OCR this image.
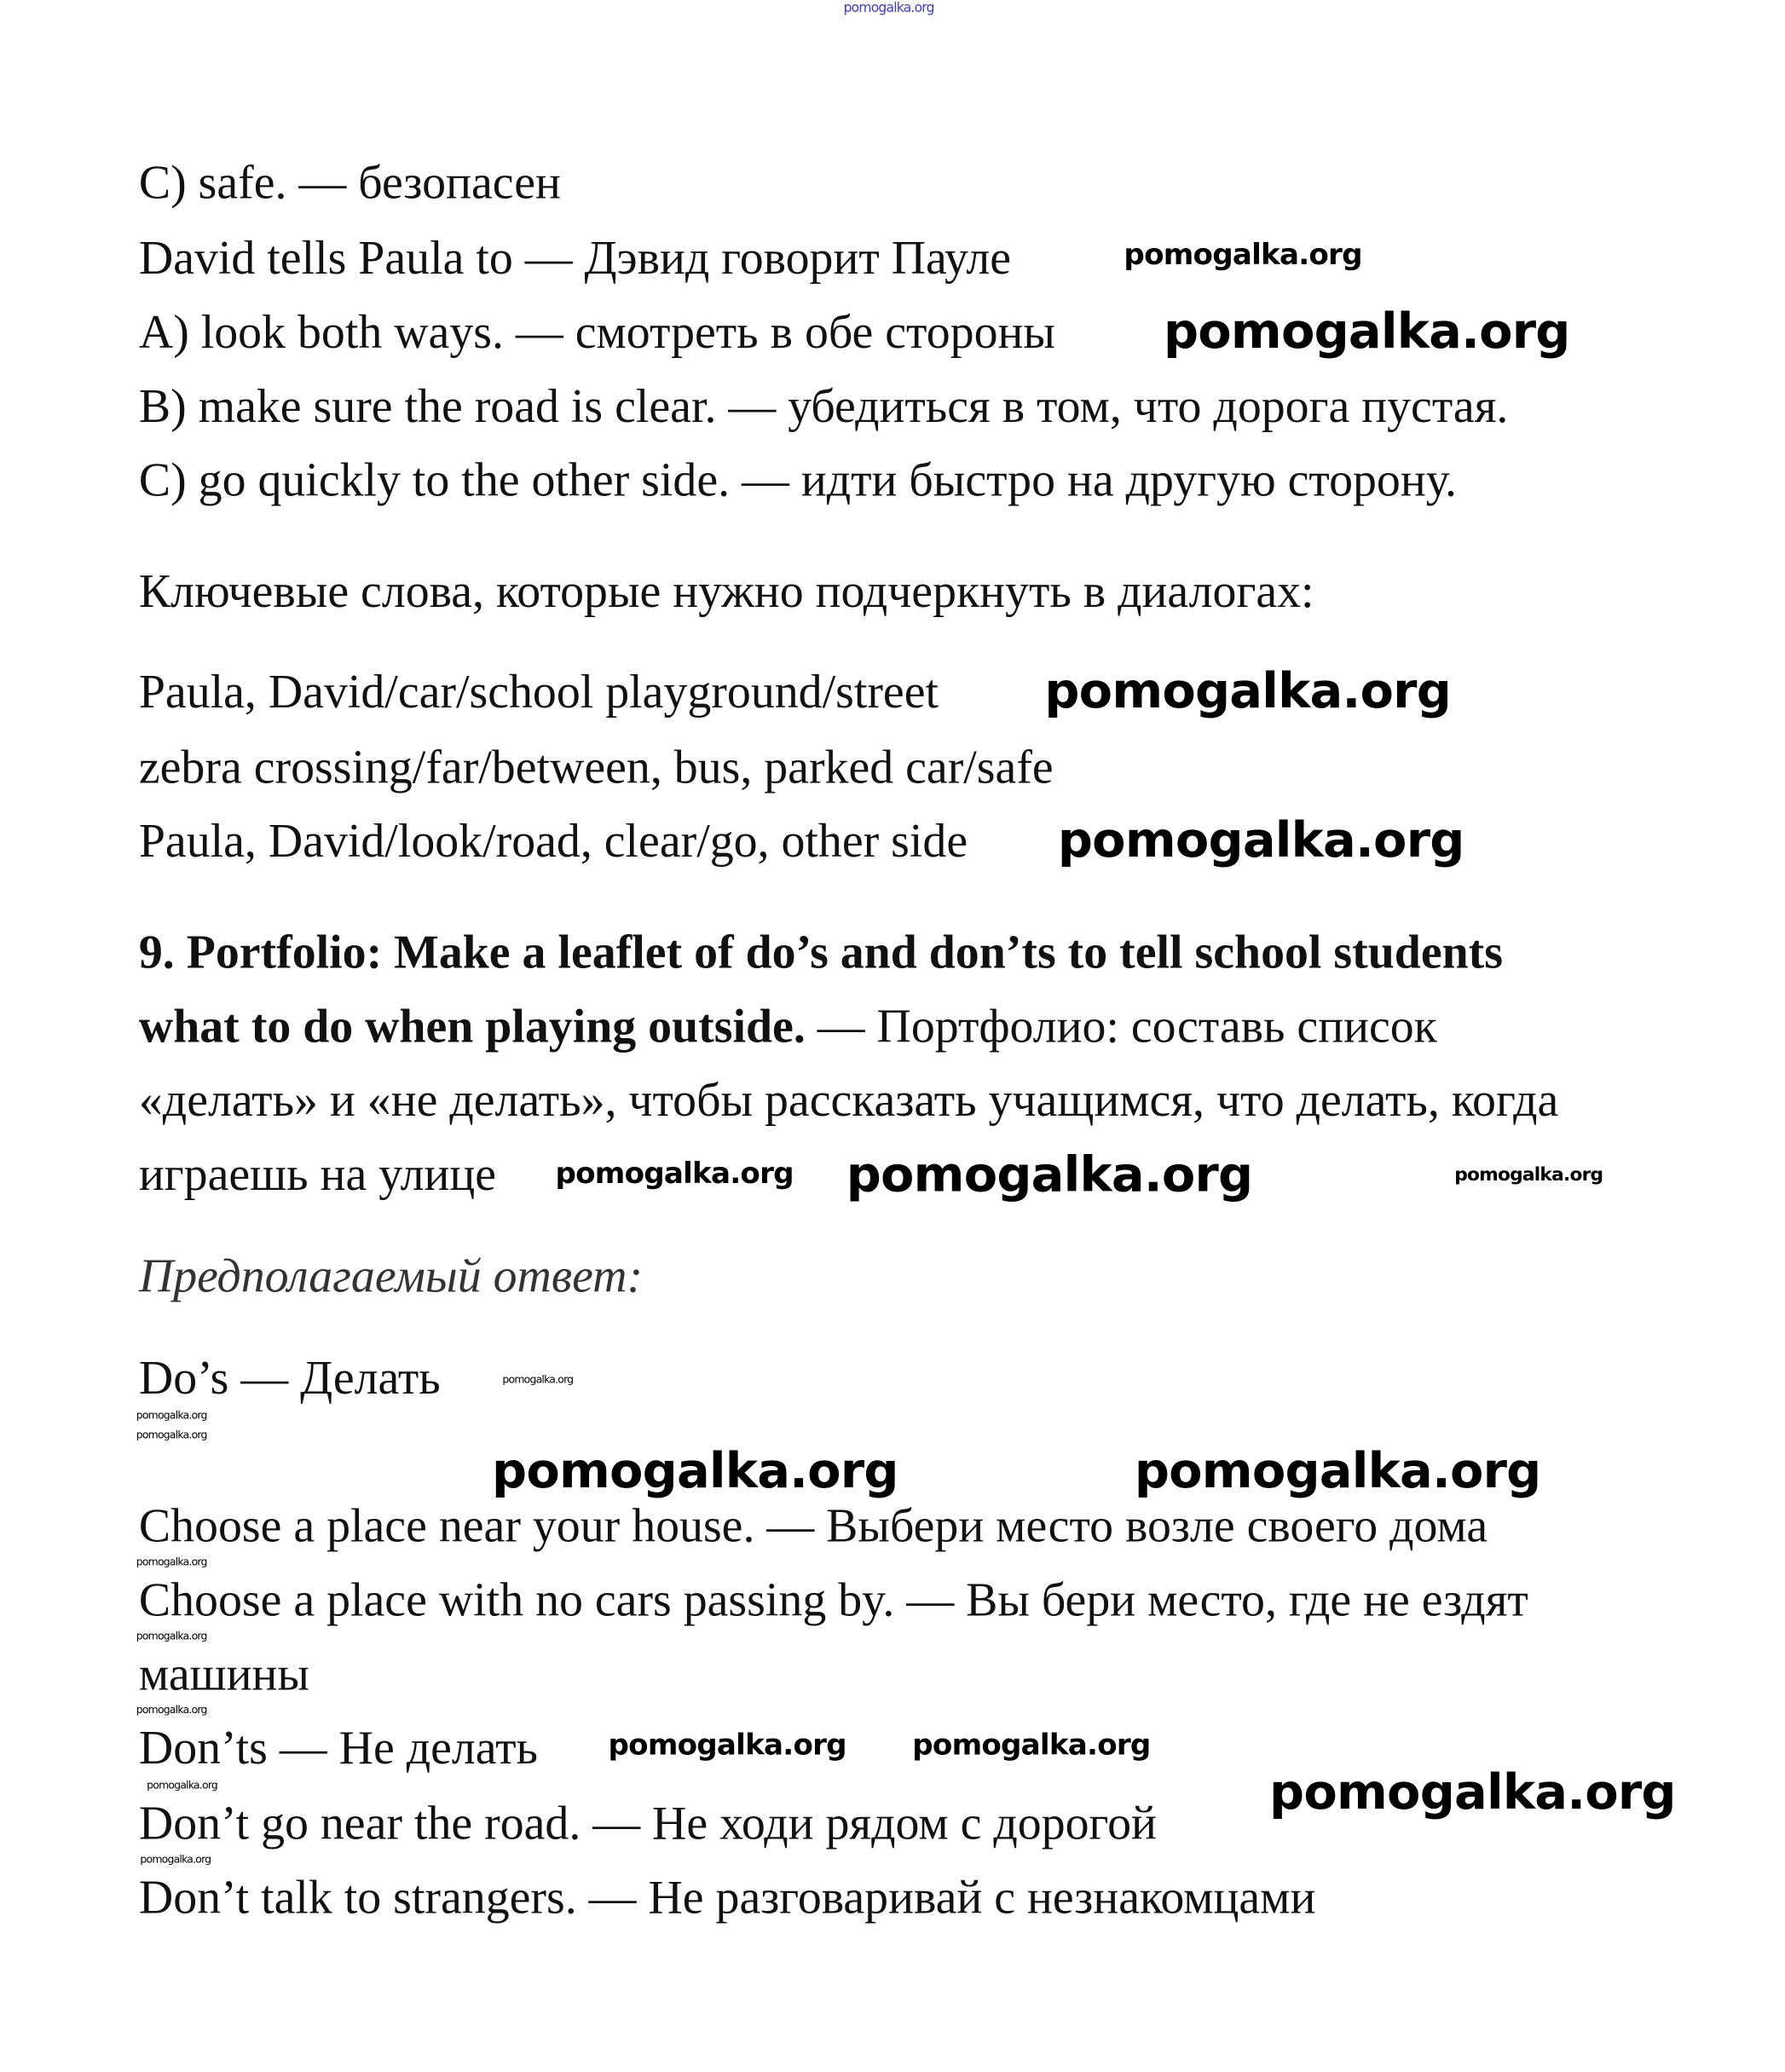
pomogalka.org
C) safe. — безопасен
David tells Paula to — Дэвид говорит Пауле
A) look both ways. — смотреть в обе стороны
B) make sure the road is clear. — убедиться в том, что дорога пустая.
C) go quickly to the other side. — идти быстро на другую сторону.
Ключевые слова, которые нужно подчеркнуть в диалогах:
Paula, David/car/school playground/street
zebra crossing/far/between, bus, parked car/safe
Paula, David/look/road, clear/go, other side
9. Portfolio: Make a leaflet of do’s and don’ts to tell school students
what to do when playing outside. — Портфолио: составь список
«делать» и «не делать», чтобы рассказать учащимся, что делать, когда
играешь на улице
Предполагаемый ответ:
Do’s — Делать
Choose a place near your house. — Выбери место возле своего дома
Choose a place with no cars passing by. — Вы бери место, где не ездят
машины
Don’ts — Не делать
Don’t go near the road. — Не ходи рядом с дорогой
Don’t talk to strangers. — Не разговаривай с незнакомцами
pomogalka.org
pomogalka.org
pomogalka.org
pomogalka.org
pomogalka.org	pomogalka.org
pomogalka.org
pomogalka.org
pomogalka.org
pomogalka.org	pomogalka.org
pomogalka.org
pomogalka.org
pomogalka.org
pomogalka.org
pomogalka.org
pomogalka.org	pomogalka.org
pomogalka.org
pomogalka.org
